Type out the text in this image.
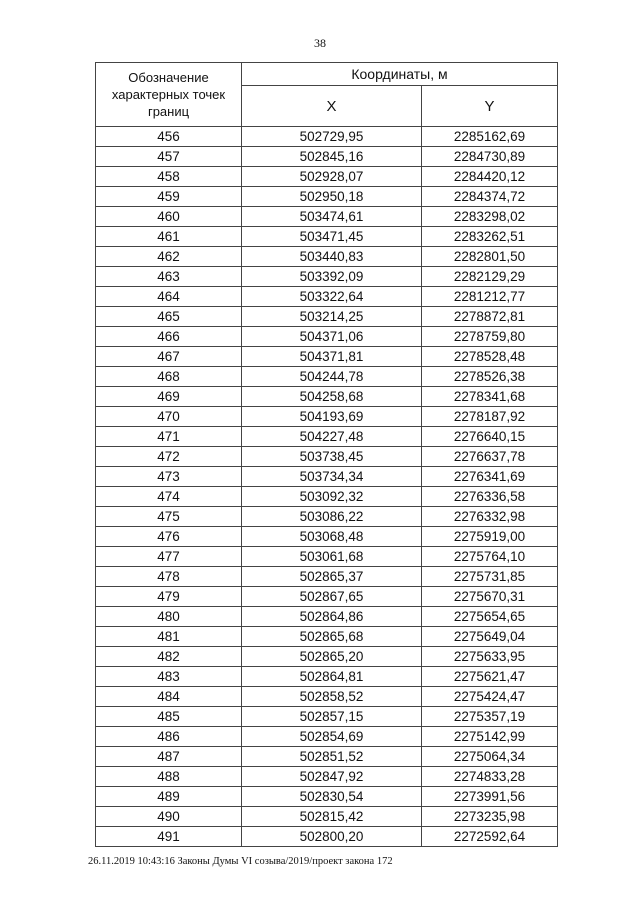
38
Обозначение характерных точек границ	Координаты, м	
	X	Y
456	502729,95	2285162,69
457	502845,16	2284730,89
458	502928,07	2284420,12
459	502950,18	2284374,72
460	503474,61	2283298,02
461	503471,45	2283262,51
462	503440,83	2282801,50
463	503392,09	2282129,29
464	503322,64	2281212,77
465	503214,25	2278872,81
466	504371,06	2278759,80
467	504371,81	2278528,48
468	504244,78	2278526,38
469	504258,68	2278341,68
470	504193,69	2278187,92
471	504227,48	2276640,15
472	503738,45	2276637,78
473	503734,34	2276341,69
474	503092,32	2276336,58
475	503086,22	2276332,98
476	503068,48	2275919,00
477	503061,68	2275764,10
478	502865,37	2275731,85
479	502867,65	2275670,31
480	502864,86	2275654,65
481	502865,68	2275649,04
482	502865,20	2275633,95
483	502864,81	2275621,47
484	502858,52	2275424,47
485	502857,15	2275357,19
486	502854,69	2275142,99
487	502851,52	2275064,34
488	502847,92	2274833,28
489	502830,54	2273991,56
490	502815,42	2273235,98
491	502800,20	2272592,64
26.11.2019 10:43:16 Законы Думы VI созыва/2019/проект закона 172
